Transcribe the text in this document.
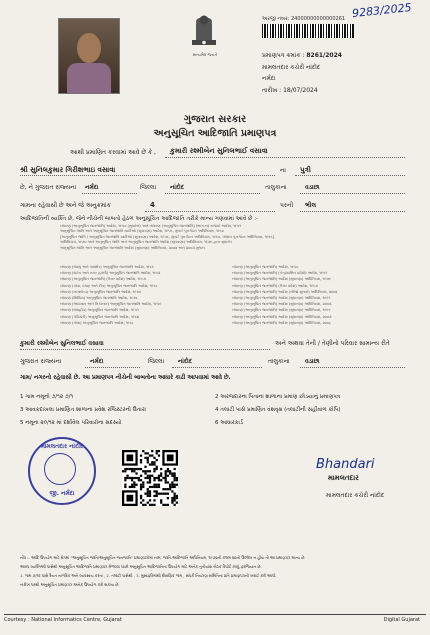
સત્યમેવ જયતે
અરજી નંબર: 24000000000000261 9283/2025
પ્રમાણપત્ર ક્રમાંક : 8261/2024
મામલતદાર કચેરી નાંદોદ
નર્મદા
તારીખ : 18/07/2024
ગુજરાત સરકાર
અનુસૂચિત આદિજાતિ પ્રમાણપત્ર
આથી પ્રમાણિત કરવામાં આવે છે કે , કુમારી રશ્મીબેન સુનિલભાઈ વસાવા
શ્રી સુનિલકુમાર ગિરીશભાઇ વસાવા	ના પુત્રી
છે, ને ગુજરાત રાજ્યના નર્મદા	જિલ્લા નાંદોદ	તાલુકાના	વડાછા
ગામના રહેવાસી છે અને જે અનુક્રમાંક	4	પરની ભીલ
આદિજાતિની વ્યક્તિ છે, જેને નીચેની બાબતો હેઠળ અનુસૂચિત આદિજાતિ તરીકે માન્ય ગણવામાં આવે છે :-
બંધારણ (અનુસૂચિત જનજાતિ) આદેશ, ૧૯૫૦ (સુધારેલ) અને બંધારણ (અનુસૂચિત જનજાતિ) (ભાગ-બ) રાજ્યો આદેશ, ૧૯૫૧
અનુસૂચિત જાતિ અને અનુસૂચિત જનજાતિ યાદીઓ (સુધારણા) આદેશ, ૧૯૫૬, મુંબઈ પુનર્ગઠન અધિનિયમ, ૧૯૬૦
[અનુસૂચિત જાતિ / અનુસૂચિત જનજાતિ યાદીઓ (સુધારણા) આદેશ, ૧૯૫૬, મુંબઈ પુનર્ગઠન અધિનિયમ, ૧૯૬૦, પંજાબ પુનર્ગઠન અધિનિયમ, ૧૯૬૬]
અધિનિયમ, ૧૯૭૦ અને અનુસૂચિત જાતિ અને અનુસૂચિત જનજાતિ આદેશ (સુધારણા) અધિનિયમ, ૧૯૭૬ દ્વારા સુધારેલ
અનુસૂચિત જાતિ અને અનુસૂચિત જનજાતિ આદેશ (સુધારણા) અધિનિયમ, ૨૦૦૨ અને ૨૦૦૩ મુજબ
બંધારણ (જમ્મુ અને કાશ્મીર) અનુસૂચિત જનજાતિ આદેશ, ૧૯૮૯
બંધારણ (દાદરા અને નગર હવેલી) અનુસૂચિત જનજાતિ આદેશ, ૧૯૬૨
બંધારણ (અનુસૂચિત જનજાતિ) (ઉત્તર પ્રદેશ) આદેશ, ૧૯૬૭
બંધારણ (ગોવા, દમણ અને દીવ) અનુસૂચિત જનજાતિ આદેશ, ૧૯૬૮
બંધારણ (નાગાલેન્ડ) અનુસૂચિત જનજાતિ આદેશ, ૧૯૭૦
બંધારણ (સિક્કિમ) અનુસૂચિત જનજાતિ આદેશ, ૧૯૭૮
બંધારણ (અંદામાન અને નિકોબાર) અનુસૂચિત જનજાતિ આદેશ, ૧૯૫૯
બંધારણ (લક્ષદ્વીપ) અનુસૂચિત જનજાતિ આદેશ, ૧૯૫૧
બંધારણ (પોંડિચેરી) અનુસૂચિત જનજાતિ આદેશ, ૧૯૬૪
બંધારણ (ગોવા) અનુસૂચિત જનજાતિ આદેશ, ૧૯૬૮
બંધારણ (અનુસૂચિત જનજાતિ) આદેશ, ૧૯૫૦
બંધારણ (અનુસૂચિત જનજાતિ) (કેન્દ્રશાસિત પ્રદેશો) આદેશ, ૧૯૫૧
બંધારણ (અનુસૂચિત જનજાતિ) આદેશ (સુધારણા) અધિનિયમ, ૧૯૭૬
બંધારણ (અનુસૂચિત જનજાતિ) (ઉત્તર પ્રદેશ) આદેશ, ૧૯૬૭
બંધારણ (અનુસૂચિત જનજાતિ) આદેશ (બીજો સુધારો) અધિનિયમ, ૨૦૦૨
બંધારણ (અનુસૂચિત જનજાતિ) આદેશ (સુધારણા) અધિનિયમ, ૧૯૯૧
બંધારણ (અનુસૂચિત જનજાતિ) આદેશ (સુધારણા) અધિનિયમ, ૨૦૦૩
બંધારણ (અનુસૂચિત જનજાતિ) આદેશ (સુધારણા) અધિનિયમ, ૧૯૯૬
બંધારણ (અનુસૂચિત જનજાતિ) આદેશ (સુધારણા) અધિનિયમ, ૨૦૦૭
બંધારણ (અનુસૂચિત જનજાતિ) આદેશ (સુધારણા) અધિનિયમ, ૨૦૦૮
કુમારી રશ્મીબેન સુનિલભાઈ વસાવા	અને અથવા તેની / તેણીનો પરિવાર સામાન્ય રીતે
ગુજરાત રાજ્યના	નર્મદા	જિલ્લા નાંદોદ	તાલુકાના	વડાછા
ગામ/ નગરનો રહેવાસી છે. આ પ્રમાણપત્ર નીચેની બાબતોના આધારે કાઢી આપવામાં આવે છે.
1 ગામ નમૂનો ૭/૧૨ ૭/૧
3 આવકદાખલા પ્રમાણિત શાળાના પ્રવેશ રજિસ્ટરનો ઉતારા
5 નમૂના ૨૦/૧૨ માં દર્શાવેલ પરિવારોના સદસ્યો
2 અરજદારના પિતાના શાળાના પ્રમાણ છોડયાનું પ્રમાણપત્ર
4 તલાટી પાસે પ્રમાણિત વંશવૃક્ષ (તલાટીની સહીવાળ કોપિ)
6 આધારકાર્ડ
મામલતદાર નાંદોદ
જી. નર્મદા
Bhandari
મામલતદાર
મામલતદાર કચેરી નાંદોદ
નોંધ :- આદિ ઉપયોગ માટે ક્ષેત્રમાં "અનુસૂચિત જાતિ/અનુસૂચિત જનજાતિ" પ્રમાણપત્રોમાં નામ, જાતિ-આદિજાતિ અધિનિયમ, ૧૯૭૬ની કલમ ૨૦નો ઉલ્લેખ ન હોય તો આ પ્રમાણપત્ર માન્ય છે.
આરપ વ્યક્તિઓ પાસેથી અનુસૂચિત આદિજાતિ પ્રમાણપત્ર મેળવવા પાછી અનુસૂચિત આદિજાતિના ઉપયોગ માટે અનેક તૃતીયાંશ બેઠક રિપોર્ટ કરવું ફરજિયાત છે.
1. ગામ ૭/૧૨ પાસે રૈયત નાગરિક અને વ્યવસાય કરતા , 2. તલાટી પાસેથી , 3. મુસાફરિમાંથી શૈક્ષણિક ગામ , સંપર્ક નિયંત્રણ સમિતિના પ્રતિ પ્રમાણપત્રની ખરાઈ કરી આપો.
તારીખ પરથી અનુસૂચિત પ્રમાણપત્ર અનેક ઉપયોગ કરી શકાય છે.
Courtesy : National Informatics Centre, Gujarat	Digital Gujarat
